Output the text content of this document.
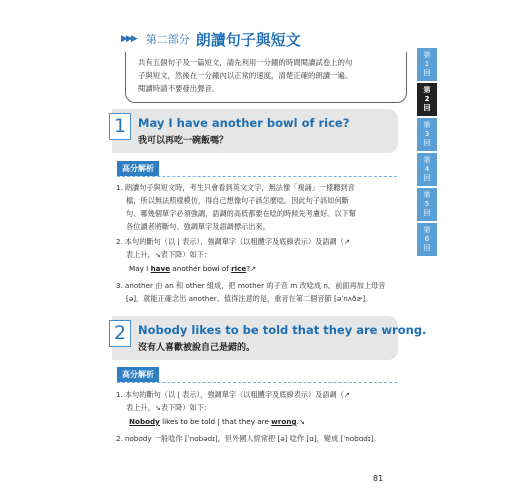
▶▶▶ 第二部分 朗讀句子與短文
共有五個句子及一篇短文，請先利用一分鐘的時間閱讀試卷上的句
子與短文，然後在一分鐘內以正常的速度，清楚正確的朗讀一遍。
閱讀時請不要發出聲音。
第
1
回
第
2
回
第
3
回
第
4
回
第
5
回
第
6
回
1	May I have another bowl of rice?
我可以再吃一碗飯嗎？
高分解析
1. 朗讀句子與短文時，考生只會看到英文文字，無法像「複誦」一樣聽到音
檔，所以無法照樣模仿，得自己想像句子該怎麼唸。因此句子該如何斷
句、哪幾個單字必須強調，語調的高低都要在唸的時候先考慮好。以下幫
各位讀者將斷句、強調單字及語調標示出來。
2. 本句的斷句（以 | 表示），強調單字（以粗體字及底線表示）及語調（↗
表上升，↘表下降）如下：
May I have another bowl of rice?↗
3. another 由 an 和 other 組成，把 mother 的子音 m 改唸成 n，前面再加上母音
[ə]，就能正確念出 another。值得注意的是，重音在第二個音節 [əˈnʌðɚ]。
2	Nobody likes to be told that they are wrong.
沒有人喜歡被說自己是錯的。
高分解析
1. 本句的斷句（以 | 表示），強調單字（以粗體字及底線表示）及語調（↗
表上升，↘表下降）如下：
Nobody likes to be told | that they are wrong.↘
2. nobody 一般唸作 [ˈnobədɪ]，但外國人經常把 [ə] 唸作 [ɑ]，變成 [ˈnobɑdɪ]。
81
